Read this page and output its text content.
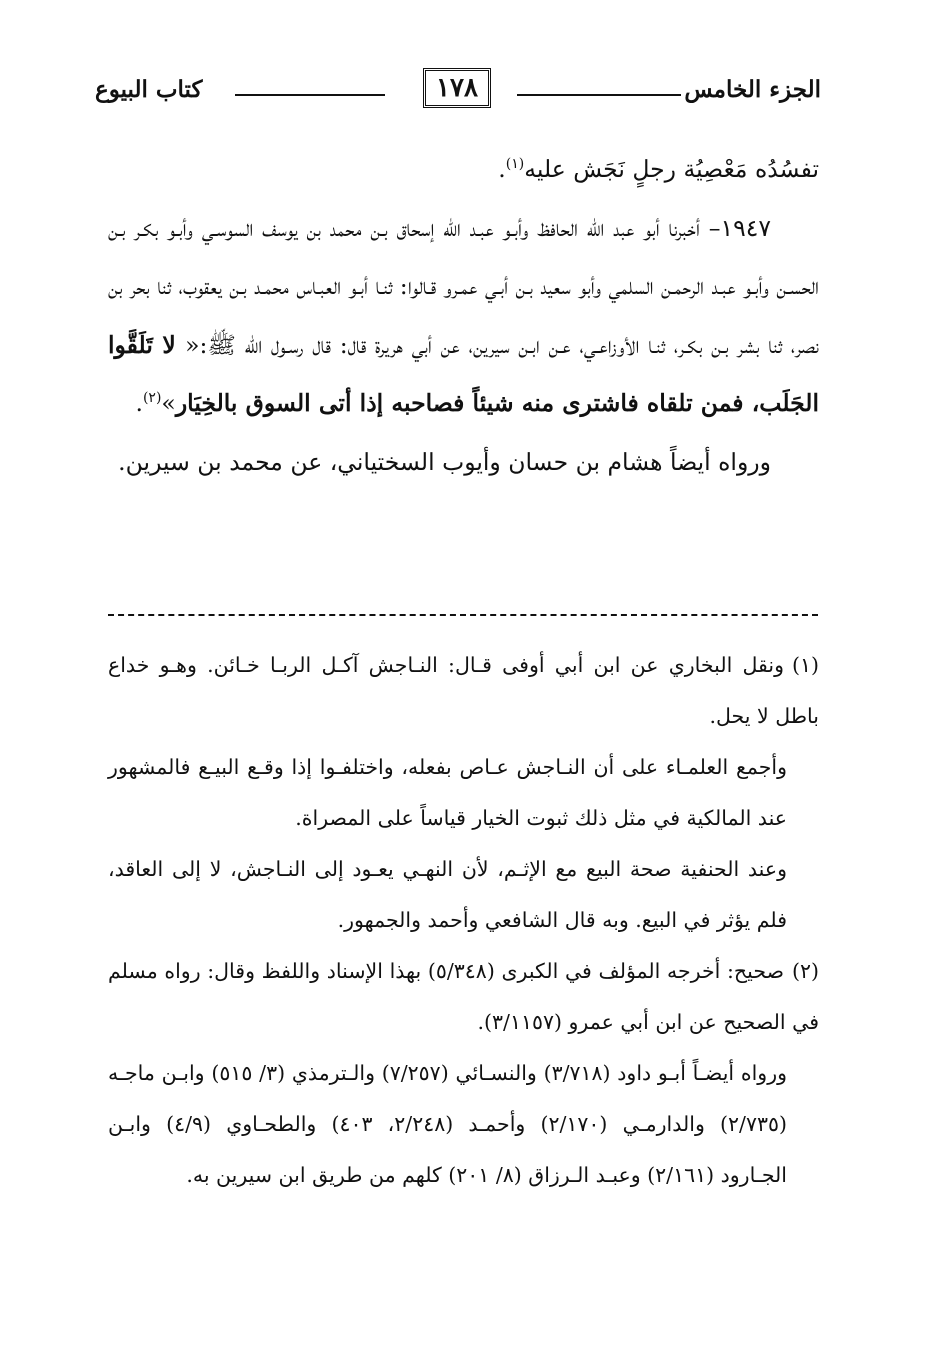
الجزء الخامس
١٧٨
كتاب البيوع

تفسُدُه مَعْصِيُة رجلٍ نَجَش عليه$^{(١)}$.

١٩٤٧– أخبرنا أبو عبد الله الحافظ وأبـو عبـد الله إسحاق بـن محمد بن يوسف السوسـي وأبـو بكـر بـن الحسـن وأبـو عبـد الرحمـن السلمي وأبو سعيد بـن أبـي عمـرو قـالوا: ثنـا أبـو العبـاس محمـد بـن يعقوب، ثنا بحر بن نصر، ثنا بشر بـن بكـر، ثنـا الأوزاعـي، عـن ابـن سيرين، عن أبي هريرة قال: قال رسـول الله ﷺ:« لا تَلَقَّوا الجَلَب، فمن تلقاه فاشترى منه شيئاً فصاحبه إذا أتى السوق بالخِيَار»$^{(٢)}$.

ورواه أيضاً هشام بن حسان وأيوب السختياني، عن محمد بن سيرين.

(١)ونقل البخاري عن ابن أبي أوفى قـال: النـاجش آكـل الربـا خـائن. وهـو خداع باطل لا يحل.

وأجمع العلمـاء على أن النـاجش عـاص بفعله، واختلفـوا إذا وقـع البيـع فالمشهور عند المالكية في مثل ذلك ثبوت الخيار قياساً على المصراة.

وعند الحنفية صحة البيع مع الإثـم، لأن النهـي يعـود إلى النـاجش، لا إلى العاقد، فلم يؤثر في البيع. وبه قال الشافعي وأحمد والجمهور.

(٢)صحيح: أخرجه المؤلف في الكبرى (٥/٣٤٨) بهذا الإسناد واللفظ وقال: رواه مسلم في الصحيح عن ابن أبي عمرو (٣/١١٥٧).

ورواه أيضـاً أبـو داود (٣/٧١٨) والنسـائي (٧/٢٥٧) والـترمذي (٣/ ٥١٥) وابـن ماجـه (٢/٧٣٥) والدارمـي (٢/١٧٠) وأحمـد (٢/٢٤٨، ٤٠٣) والطحـاوي (٤/٩) وابـن الجـارود (٢/١٦١) وعبـد الـرزاق (٨/ ٢٠١) كلهم من طريق ابن سيرين به.
